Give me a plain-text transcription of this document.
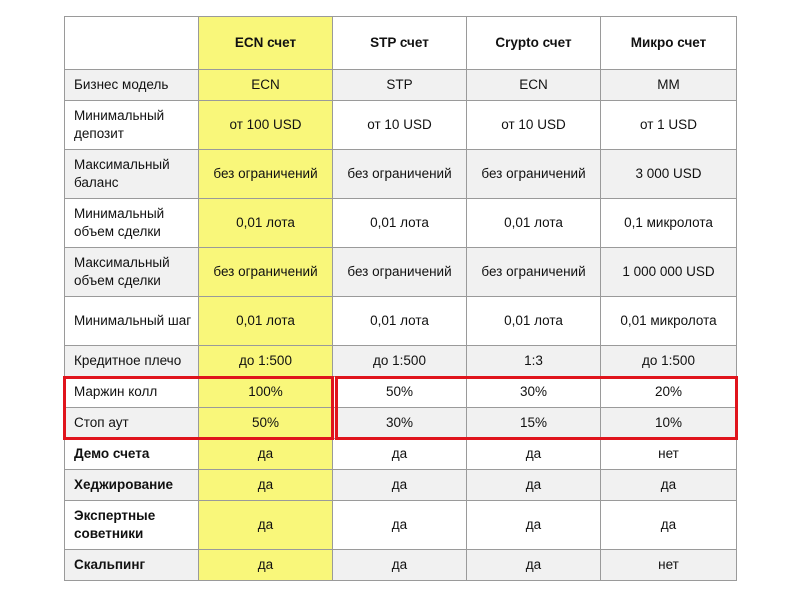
	ECN счет	STP счет	Crypto счет	Микро счет
Бизнес модель	ECN	STP	ECN	MM
Минимальный депозит	от 100 USD	от 10 USD	от 10 USD	от 1 USD
Максимальный баланс	без ограничений	без ограничений	без ограничений	3 000 USD
Минимальный объем сделки	0,01 лота	0,01 лота	0,01 лота	0,1 микролота
Максимальный объем сделки	без ограничений	без ограничений	без ограничений	1 000 000 USD
Минимальный шаг	0,01 лота	0,01 лота	0,01 лота	0,01 микролота
Кредитное плечо	до 1:500	до 1:500	1:3	до 1:500
Маржин колл	100%	50%	30%	20%
Стоп аут	50%	30%	15%	10%
Демо счета	да	да	да	нет
Хеджирование	да	да	да	да
Экспертные советники	да	да	да	да
Скальпинг	да	да	да	нет
